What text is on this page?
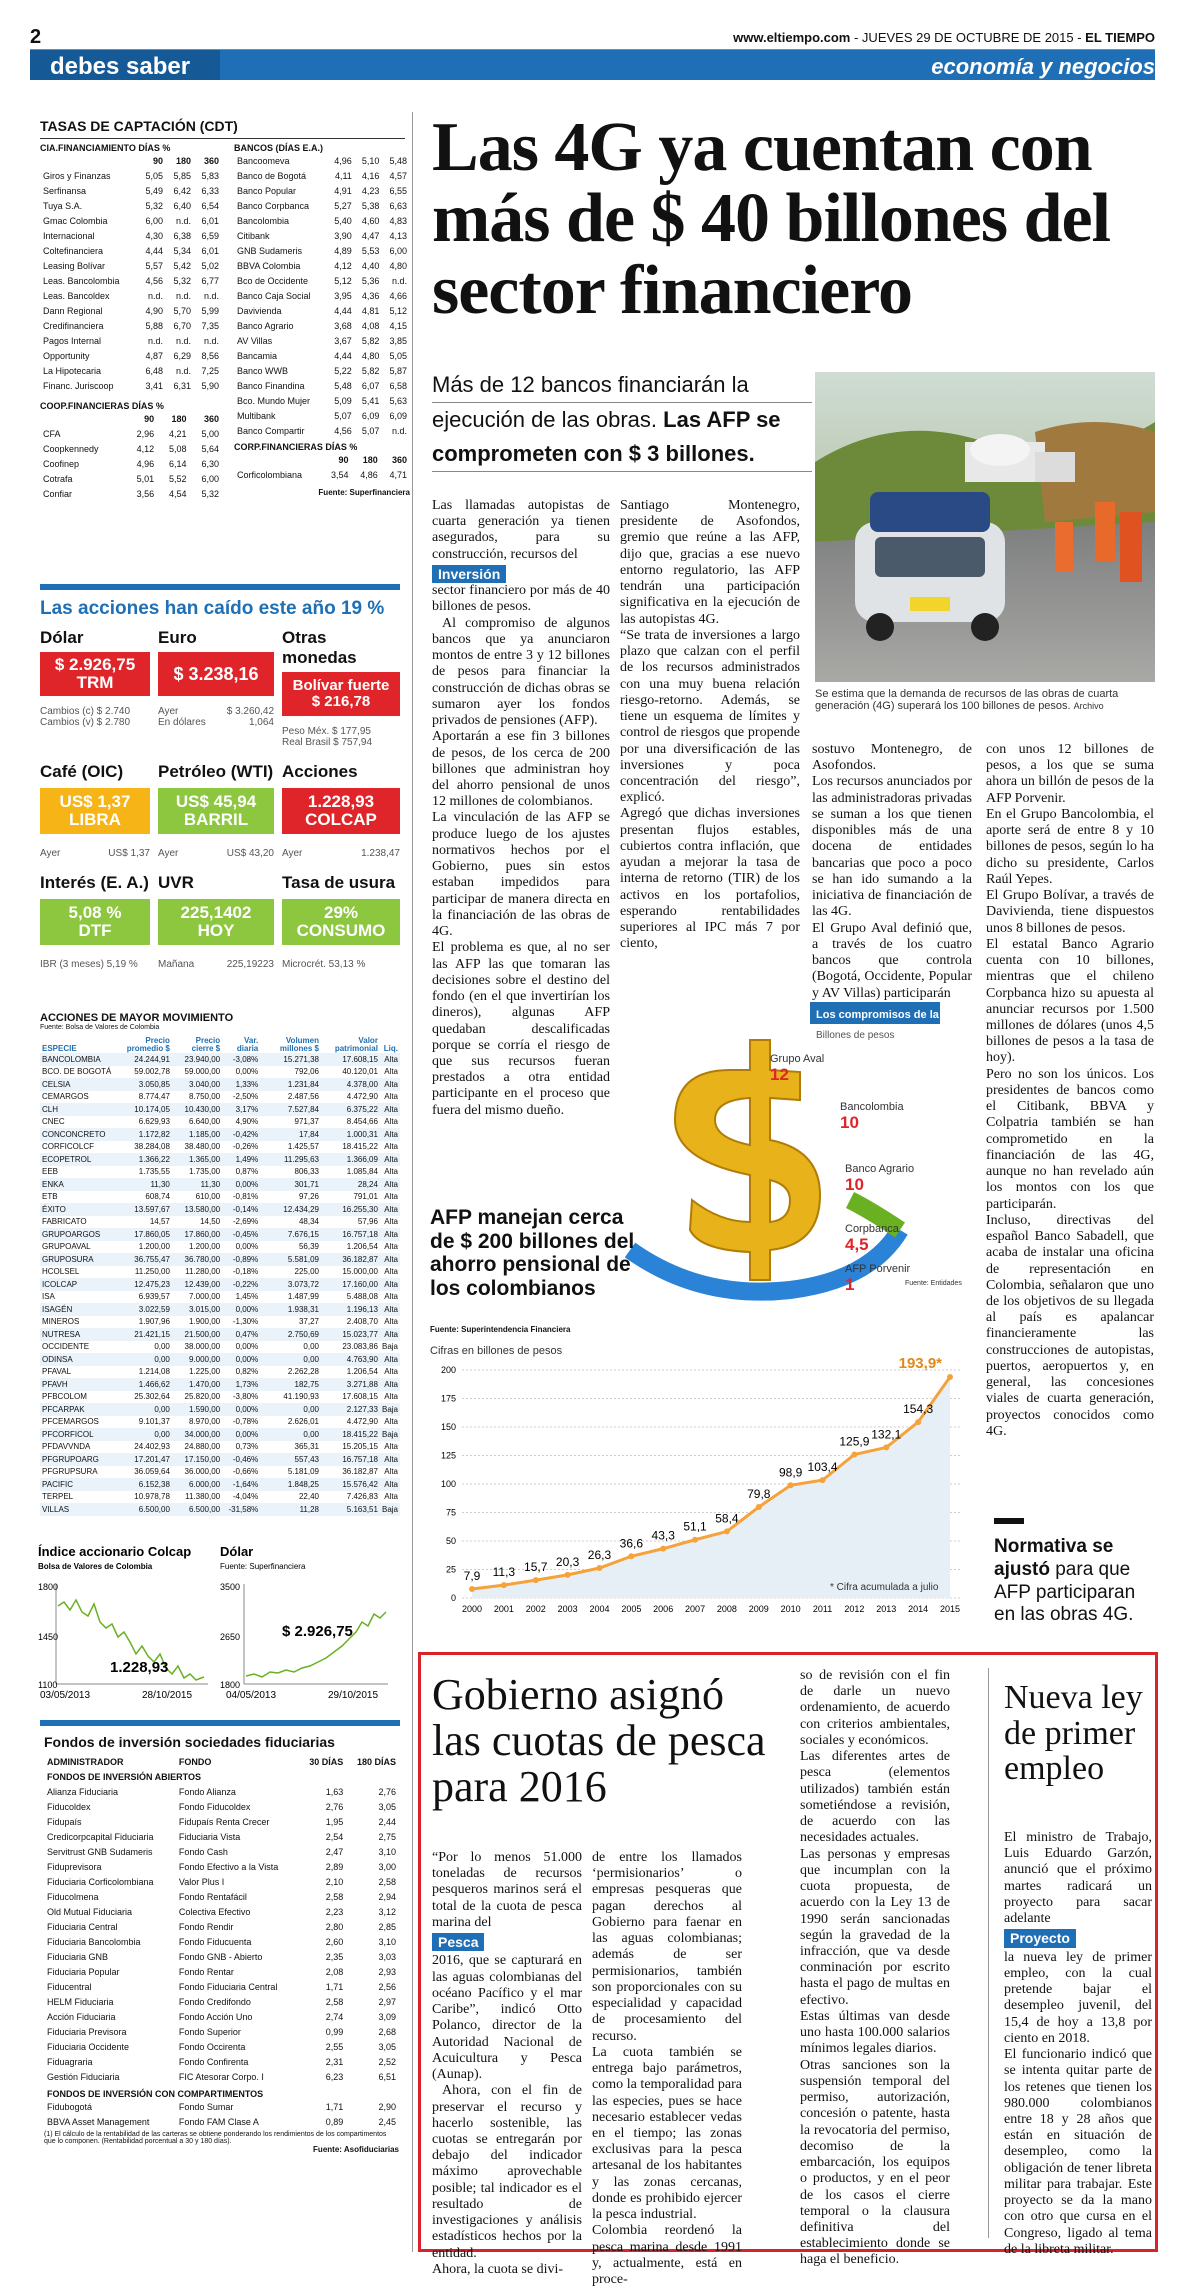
2	www.eltiempo.com - JUEVES 29 DE OCTUBRE DE 2015 - EL TIEMPO
debes saber	economía y negocios
TASAS DE CAPTACIÓN (CDT)
CIA.FINANCIAMIENTO DÍAS %
	90	180	360
Giros y Finanzas	5,05	5,85	5,83
Serfinansa	5,49	6,42	6,33
Tuya S.A.	5,32	6,40	6,54
Gmac Colombia	6,00	n.d.	6,01
Internacional	4,30	6,38	6,59
Coltefinanciera	4,44	5,34	6,01
Leasing Bolívar	5,57	5,42	5,02
Leas. Bancolombia	4,56	5,32	6,77
Leas. Bancoldex	n.d.	n.d.	n.d.
Dann Regional	4,90	5,70	5,99
Credifinanciera	5,88	6,70	7,35
Pagos Internal	n.d.	n.d.	n.d.
Opportunity	4,87	6,29	8,56
La Hipotecaria	6,48	n.d.	7,25
Financ. Juriscoop	3,41	6,31	5,90
COOP.FINANCIERAS DÍAS %
	90	180	360
CFA	2,96	4,21	5,00
Coopkennedy	4,12	5,08	5,64
Coofinep	4,96	6,14	6,30
Cotrafa	5,01	5,52	6,00
Confiar	3,56	4,54	5,32
BANCOS (DÍAS E.A.)
Bancoomeva	4,96	5,10	5,48
Banco de Bogotá	4,11	4,16	4,57
Banco Popular	4,91	4,23	6,55
Banco Corpbanca	5,27	5,38	6,63
Bancolombia	5,40	4,60	4,83
Citibank	3,90	4,47	4,13
GNB Sudameris	4,89	5,53	6,00
BBVA Colombia	4,12	4,40	4,80
Bco de Occidente	5,12	5,36	n.d.
Banco Caja Social	3,95	4,36	4,66
Davivienda	4,44	4,81	5,12
Banco Agrario	3,68	4,08	4,15
AV Villas	3,67	5,82	3,85
Bancamia	4,44	4,80	5,05
Banco WWB	5,22	5,82	5,87
Banco Finandina	5,48	6,07	6,58
Bco. Mundo Mujer	5,09	5,41	5,63
Multibank	5,07	6,09	6,09
Banco Compartir	4,56	5,07	n.d.
CORP.FINANCIERAS DÍAS %
	90	180	360
Corficolombiana	3,54	4,86	4,71
Fuente: Superfinanciera
Las acciones han caído este año 19 %
Dólar
$ 2.926,75
TRM
Cambios (c) $ 2.740
Cambios (v) $ 2.780
Euro
$ 3.238,16
Ayer	$ 3.260,42
En dólares	1,064
Otras monedas
Bolívar fuerte
$ 216,78
Peso Méx. $ 177,95
Real Brasil $ 757,94
Café (OIC)
US$ 1,37
LIBRA
Ayer	US$ 1,37
Petróleo (WTI)
US$ 45,94
BARRIL
Ayer	US$ 43,20
Acciones
1.228,93
COLCAP
Ayer	1.238,47
Interés (E. A.)
5,08 %
DTF
IBR (3 meses) 5,19 %
UVR
225,1402
HOY
Mañana	225,19223
Tasa de usura
29%
CONSUMO
Microcrét. 53,13 %
ACCIONES DE MAYOR MOVIMIENTO
Fuente: Bolsa de Valores de Colombia
ESPECIE	Precio promedio $	Precio cierre $	Var. diaria	Volumen millones $	Valor patrimonial	Liq.
BANCOLOMBIA	24.244,91	23.940,00	-3,08%	15.271,38	17.608,15	Alta
BCO. DE BOGOTÁ	59.002,78	59.000,00	0,00%	792,06	40.120,01	Alta
CELSIA	3.050,85	3.040,00	1,33%	1.231,84	4.378,00	Alta
CEMARGOS	8.774,47	8.750,00	-2,50%	2.487,56	4.472,90	Alta
CLH	10.174,05	10.430,00	3,17%	7.527,84	6.375,22	Alta
CNEC	6.629,93	6.640,00	4,90%	971,37	8.454,66	Alta
CONCONCRETO	1.172,82	1.185,00	-0,42%	17,84	1.000,31	Alta
CORFICOLCF	38.284,08	38.480,00	-0,26%	1.425,57	18.415,22	Alta
ECOPETROL	1.366,22	1.365,00	1,49%	11.295,63	1.366,09	Alta
EEB	1.735,55	1.735,00	0,87%	806,33	1.085,84	Alta
ENKA	11,30	11,30	0,00%	301,71	28,24	Alta
ETB	608,74	610,00	-0,81%	97,26	791,01	Alta
ÉXITO	13.597,67	13.580,00	-0,14%	12.434,29	16.255,30	Alta
FABRICATO	14,57	14,50	-2,69%	48,34	57,96	Alta
GRUPOARGOS	17.860,05	17.860,00	-0,45%	7.676,15	16.757,18	Alta
GRUPOAVAL	1.200,00	1.200,00	0,00%	56,39	1.206,54	Alta
GRUPOSURA	36.755,47	36.780,00	-0,89%	5.581,09	36.182,87	Alta
HCOLSEL	11.250,00	11.280,00	-0,18%	225,00	15.000,00	Alta
ICOLCAP	12.475,23	12.439,00	-0,22%	3.073,72	17.160,00	Alta
ISA	6.939,57	7.000,00	1,45%	1.487,99	5.488,08	Alta
ISAGÉN	3.022,59	3.015,00	0,00%	1.938,31	1.196,13	Alta
MINEROS	1.907,96	1.900,00	-1,30%	37,27	2.408,70	Alta
NUTRESA	21.421,15	21.500,00	0,47%	2.750,69	15.023,77	Alta
OCCIDENTE	0,00	38.000,00	0,00%	0,00	23.083,86	Baja
ODINSA	0,00	9.000,00	0,00%	0,00	4.763,90	Alta
PFAVAL	1.214,08	1.225,00	0,82%	2.262,28	1.206,54	Alta
PFAVH	1.466,62	1.470,00	1,73%	182,75	3.271,88	Alta
PFBCOLOM	25.302,64	25.820,00	-3,80%	41.190,93	17.608,15	Alta
PFCARPAK	0,00	1.590,00	0,00%	0,00	2.127,33	Baja
PFCEMARGOS	9.101,37	8.970,00	-0,78%	2.626,01	4.472,90	Alta
PFCORFICOL	0,00	34.000,00	0,00%	0,00	18.415,22	Baja
PFDAVVNDA	24.402,93	24.880,00	0,73%	365,31	15.205,15	Alta
PFGRUPOARG	17.201,47	17.150,00	-0,46%	557,43	16.757,18	Alta
PFGRUPSURA	36.059,64	36.000,00	-0,66%	5.181,09	36.182,87	Alta
PACIFIC	6.152,38	6.000,00	-1,64%	1.848,25	15.576,42	Alta
TERPEL	10.978,78	11.380,00	-4,04%	22,40	7.426,83	Alta
VILLAS	6.500,00	6.500,00	-31,58%	11,28	5.163,51	Baja
Índice accionario Colcap
Bolsa de Valores de Colombia
Dólar
Fuente: Superfinanciera
1800
1450
1100
1.228,93
03/05/2013	28/10/2015
3500
2650
1800
$ 2.926,75
04/05/2013	29/10/2015
Fondos de inversión sociedades fiduciarias
ADMINISTRADOR	FONDO	30 DÍAS	180 DÍAS
FONDOS DE INVERSIÓN ABIERTOS			
Alianza Fiduciaria	Fondo Alianza	1,63	2,76
Fiducoldex	Fondo Fiducoldex	2,76	3,05
Fidupaís	Fidupaís Renta Crecer	1,95	2,44
Credicorpcapital Fiduciaria	Fiduciaria Vista	2,54	2,75
Servitrust GNB Sudameris	Fondo Cash	2,47	3,10
Fiduprevisora	Fondo Efectivo a la Vista	2,89	3,00
Fiduciaria Corficolombiana	Valor Plus I	2,10	2,58
Fiducolmena	Fondo Rentafácil	2,58	2,94
Old Mutual Fiduciaria	Colectiva Efectivo	2,23	3,12
Fiduciaria Central	Fondo Rendir	2,80	2,85
Fiduciaria Bancolombia	Fondo Fiducuenta	2,60	3,10
Fiduciaria GNB	Fondo GNB - Abierto	2,35	3,03
Fiduciaria Popular	Fondo Rentar	2,08	2,93
Fiducentral	Fondo Fiduciaria Central	1,71	2,56
HELM Fiduciaria	Fondo Credifondo	2,58	2,97
Acción Fiduciaria	Fondo Acción Uno	2,74	3,09
Fiduciaria Previsora	Fondo Superior	0,99	2,68
Fiduciaria Occidente	Fondo Occirenta	2,55	3,05
Fiduagraria	Fondo Confirenta	2,31	2,52
Gestión Fiduciaria	FIC Atesorar Corpo. I	6,23	6,51
FONDOS DE INVERSIÓN CON COMPARTIMENTOS			
Fidubogotá	Fondo Sumar	1,71	2,90
BBVA Asset Management	Fondo FAM Clase A	0,89	2,45
(1) El cálculo de la rentabilidad de las carteras se obtiene ponderando los rendimientos de los compartimentos que lo componen. (Rentabilidad porcentual a 30 y 180 días).
Fuente: Asofiduciarias
Las 4G ya cuentan con más de $ 40 billones del sector financiero
Más de 12 bancos financiarán la
ejecución de las obras. Las AFP se comprometen con $ 3 billones.
Se estima que la demanda de recursos de las obras de cuarta generación (4G) superará los 100 billones de pesos. Archivo

Las llamadas autopistas de cuarta generación ya tienen asegurados, para su construcción, recursos del

Inversión

sector financiero por más de 40 billones de pesos.

Al compromiso de algunos bancos que ya anunciaron montos de entre 3 y 12 billones de pesos para financiar la construcción de dichas obras se sumaron ayer los fondos privados de pensiones (AFP).
Aportarán a ese fin 3 billones de pesos, de los cerca de 200 billones que administran hoy del ahorro pensional de unos 12 millones de colombianos.
La vinculación de las AFP se produce luego de los ajustes normativos hechos por el Gobierno, pues sin estos estaban impedidos para participar de manera directa en la financiación de las obras de 4G.
El problema es que, al no ser las AFP las que tomaran las decisiones sobre el destino del fondo (en el que invertirían los dineros), algunas AFP quedaban descalificadas porque se corría el riesgo de que sus recursos fueran prestados a otra entidad participante en el proceso que fuera del mismo dueño.

Santiago Montenegro, presidente de Asofondos, gremio que reúne a las AFP, dijo que, gracias a ese nuevo entorno regulatorio, las AFP tendrán una participación significativa en la ejecución de las autopistas 4G.
“Se trata de inversiones a largo plazo que calzan con el perfil de los recursos administrados con una muy buena relación riesgo-retorno. Además, se tiene un esquema de límites y control de riesgos que propende por una diversificación de las inversiones y poca concentración del riesgo”, explicó.
Agregó que dichas inversiones presentan flujos estables, cubiertos contra inflación, que ayudan a mejorar la tasa de interna de retorno (TIR) de los activos en los portafolios, esperando rentabilidades superiores al IPC más 7 por ciento,
sostuvo Montenegro, de Asofondos.
Los recursos anunciados por las administradoras privadas se suman a los que tienen disponibles más de una docena de entidades bancarias que poco a poco se han ido sumando a la iniciativa de financiación de las 4G.
El Grupo Aval definió que, a través de los cuatro bancos que controla (Bogotá, Occidente, Popular y AV Villas) participarán
con unos 12 billones de pesos, a los que se suma ahora un billón de pesos de la AFP Porvenir.
En el Grupo Bancolombia, el aporte será de entre 8 y 10 billones de pesos, según lo ha dicho su presidente, Carlos Raúl Yepes.
El Grupo Bolívar, a través de Davivienda, tiene dispuestos unos 8 billones de pesos.
El estatal Banco Agrario cuenta con 10 billones, mientras que el chileno Corpbanca hizo su apuesta al anunciar recursos por 1.500 millones de dólares (unos 4,5 billones de pesos a la tasa de hoy).
Pero no son los únicos. Los presidentes de bancos como el Citibank, BBVA y Colpatria también se han comprometido en la financiación de las 4G, aunque no han revelado aún los montos con los que participarán.
Incluso, directivas del español Banco Sabadell, que acaba de instalar una oficina de representación en Colombia, señalaron que uno de los objetivos de su llegada al país es apalancar financieramente las construcciones de autopistas, puertos, aeropuertos y, en general, las concesiones viales de cuarta generación, proyectos conocidos como 4G.
Normativa se ajustó para que AFP participaran en las obras 4G.
Los compromisos de la banca
Billones de pesos
Grupo Aval
12
Bancolombia
10
Banco Agrario
10
Corpbanca
4,5
AFP Porvenir
1	Fuente: Entidades
AFP manejan cerca de $ 200 billones del ahorro pensional de los colombianos
Fuente: Superintendencia Financiera
Cifras en billones de pesos
0
25
50
75
100
125
150
175
200
7,9 11,3 15,7 20,3 26,3
36,6
43,3
51,1
58,4
79,8
98,9 103,4
125,9
132,1
154,3
193,9*
2000 2001 2002 2003 2004 2005 2006 2007 2008 2009 2010 2011 2012 2013 2014 2015
* Cifra acumulada a julio
Gobierno asignó las cuotas de pesca para 2016

“Por lo menos 51.000 toneladas de recursos pesqueros marinos será el total de la cuota de pesca marina del

Pesca

2016, que se capturará en las aguas colombianas del océano Pacífico y el mar Caribe”, indicó Otto Polanco, director de la Autoridad Nacional de Acuicultura y Pesca (Aunap).

Ahora, con el fin de preservar el recurso y hacerlo sostenible, las cuotas se entregarán por debajo del indicador máximo aprovechable posible; tal indicador es el resultado de investigaciones y análisis estadísticos hechos por la entidad.
Ahora, la cuota se divi-

de entre los llamados ‘permisionarios’ o empresas pesqueras que pagan derechos al Gobierno para faenar en las aguas colombianas; además de ser permisionarios, también son proporcionales con su especialidad y capacidad de procesamiento del recurso.
La cuota también se entrega bajo parámetros, como la temporalidad para las especies, pues se hace necesario establecer vedas en el tiempo; las zonas exclusivas para la pesca artesanal de los habitantes y las zonas cercanas, donde es prohibido ejercer la pesca industrial.
Colombia reordenó la pesca marina desde 1991 y, actualmente, está en proce-
so de revisión con el fin de darle un nuevo ordenamiento, de acuerdo con criterios ambientales, sociales y económicos.
Las diferentes artes de pesca (elementos utilizados) también están sometiéndose a revisión, de acuerdo con las necesidades actuales.
Las personas y empresas que incumplan con la cuota propuesta, de acuerdo con la Ley 13 de 1990 serán sancionadas según la gravedad de la infracción, que va desde conminación por escrito hasta el pago de multas en efectivo.
Estas últimas van desde uno hasta 100.000 salarios mínimos legales diarios.
Otras sanciones son la suspensión temporal del permiso, autorización, concesión o patente, hasta la revocatoria del permiso, decomiso de la embarcación, los equipos o productos, y en el peor de los casos el cierre temporal o la clausura definitiva del establecimiento donde se haga el beneficio.
Nueva ley de primer empleo

El ministro de Trabajo, Luis Eduardo Garzón, anunció que el próximo martes radicará un proyecto para sacar adelante

Proyecto

la nueva ley de primer empleo, con la cual pretende bajar el desempleo juvenil, del 15,4 de hoy a 13,8 por ciento en 2018.
El funcionario indicó que se intenta quitar parte de los retenes que tienen los 980.000 colombianos entre 18 y 28 años que están en situación de desempleo, como la obligación de tener libreta militar para trabajar. Este proyecto se da la mano con otro que cursa en el Congreso, ligado al tema de la libreta militar.
